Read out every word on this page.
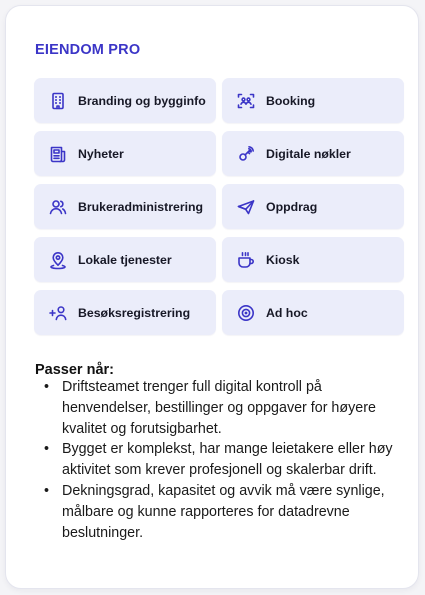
EIENDOM PRO
Branding og bygginfo	Booking
Nyheter	Digitale nøkler
Brukeradministrering	Oppdrag
Lokale tjenester	Kiosk
Besøksregistrering	Ad hoc
Passer når:
• Driftsteamet trenger full digital kontroll på henvendelser, bestillinger og oppgaver for høyere kvalitet og forutsigbarhet.
• Bygget er komplekst, har mange leietakere eller høy aktivitet som krever profesjonell og skalerbar drift.
• Dekningsgrad, kapasitet og avvik må være synlige, målbare og kunne rapporteres for datadrevne beslutninger.
